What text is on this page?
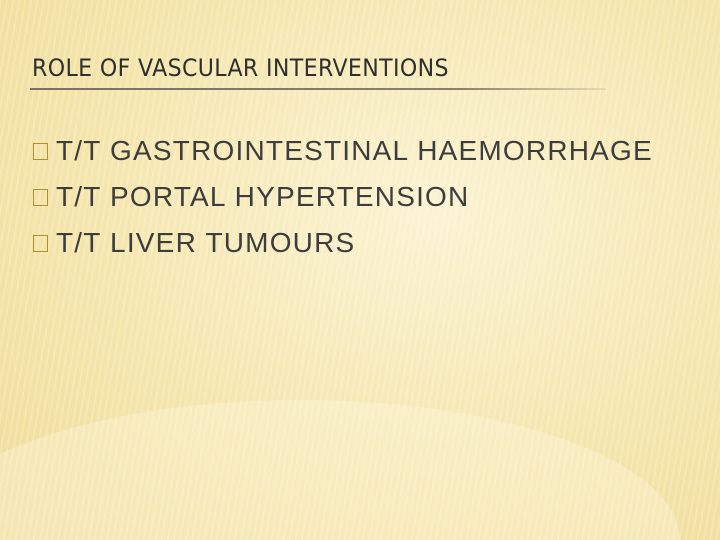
ROLE OF VASCULAR INTERVENTIONS
T/T GASTROINTESTINAL HAEMORRHAGE
T/T PORTAL HYPERTENSION
T/T LIVER TUMOURS
